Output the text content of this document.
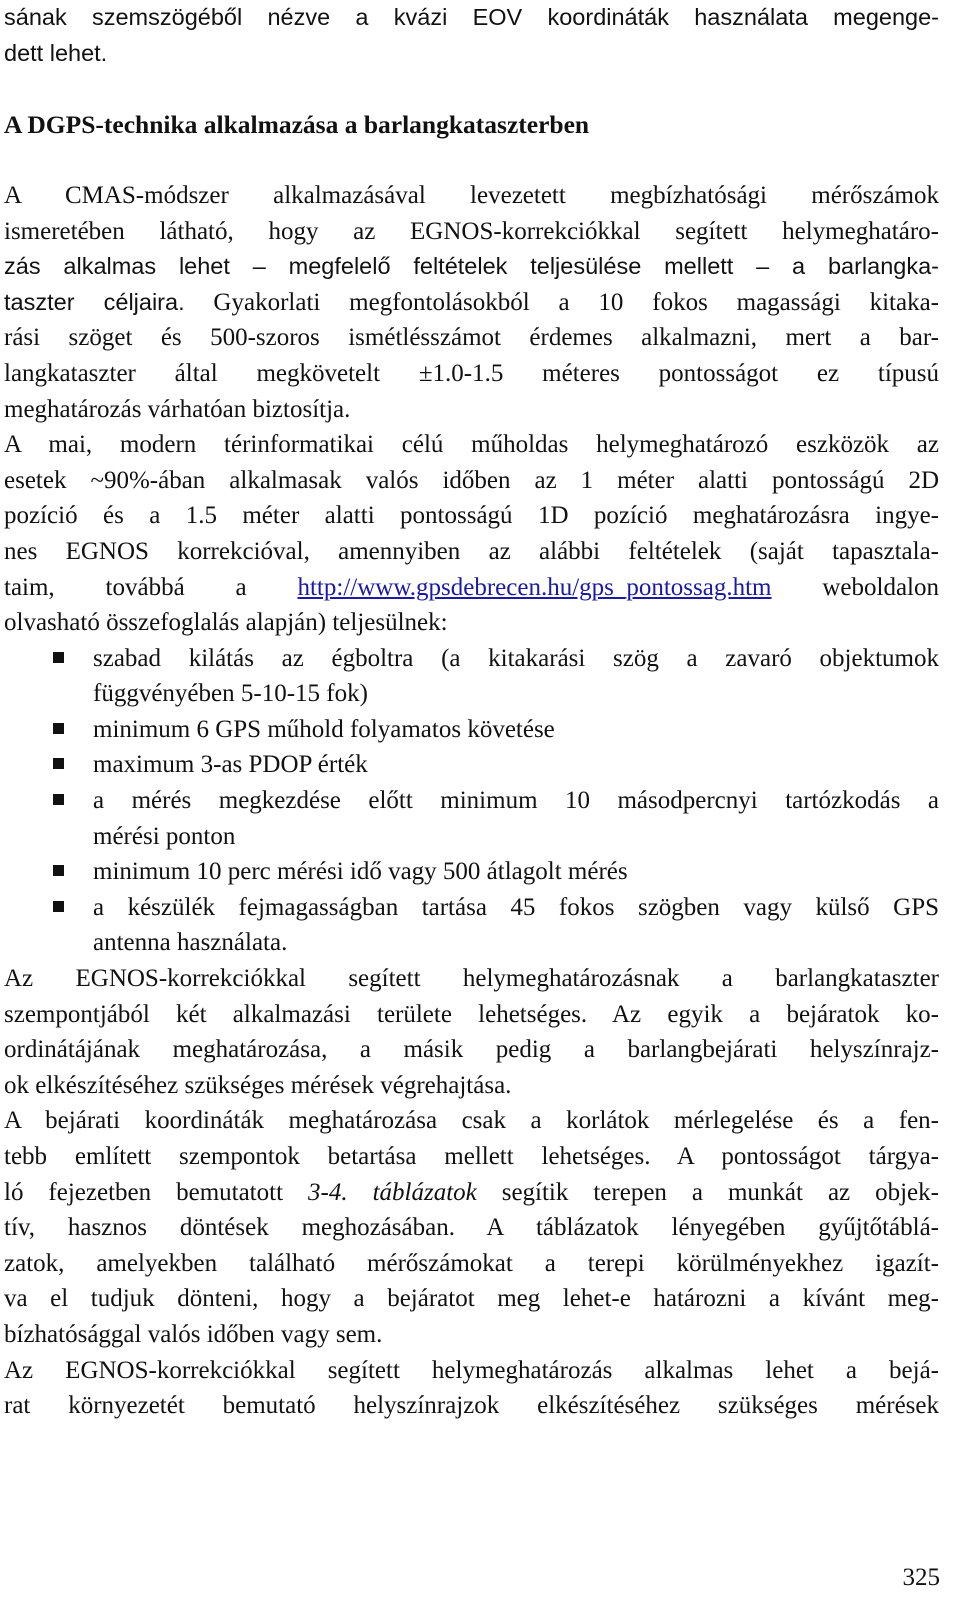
sának szemszögéből nézve a kvázi EOV koordináták használata megenge-
dett lehet.
A DGPS-technika alkalmazása a barlangkataszterben
A CMAS-módszer alkalmazásával levezetett megbízhatósági mérőszámok
ismeretében látható, hogy az EGNOS-korrekciókkal segített helymeghatáro-
zás alkalmas lehet – megfelelő feltételek teljesülése mellett – a barlangka-
taszter céljaira. Gyakorlati megfontolásokból a 10 fokos magassági kitaka-
rási szöget és 500-szoros ismétlésszámot érdemes alkalmazni, mert a bar-
langkataszter által megkövetelt ±1.0-1.5 méteres pontosságot ez típusú
meghatározás várhatóan biztosítja.
A mai, modern térinformatikai célú műholdas helymeghatározó eszközök az
esetek ~90%-ában alkalmasak valós időben az 1 méter alatti pontosságú 2D
pozíció és a 1.5 méter alatti pontosságú 1D pozíció meghatározásra ingye-
nes EGNOS korrekcióval, amennyiben az alábbi feltételek (saját tapasztala-
taim, továbbá a http://www.gpsdebrecen.hu/gps_pontossag.htm weboldalon
olvasható összefoglalás alapján) teljesülnek:
szabad kilátás az égboltra (a kitakarási szög a zavaró objektumok
függvényében 5-10-15 fok)
minimum 6 GPS műhold folyamatos követése
maximum 3-as PDOP érték
a mérés megkezdése előtt minimum 10 másodpercnyi tartózkodás a
mérési ponton
minimum 10 perc mérési idő vagy 500 átlagolt mérés
a készülék fejmagasságban tartása 45 fokos szögben vagy külső GPS
antenna használata.
Az EGNOS-korrekciókkal segített helymeghatározásnak a barlangkataszter
szempontjából két alkalmazási területe lehetséges. Az egyik a bejáratok ko-
ordinátájának meghatározása, a másik pedig a barlangbejárati helyszínrajz-
ok elkészítéséhez szükséges mérések végrehajtása.
A bejárati koordináták meghatározása csak a korlátok mérlegelése és a fen-
tebb említett szempontok betartása mellett lehetséges. A pontosságot tárgya-
ló fejezetben bemutatott 3-4. táblázatok segítik terepen a munkát az objek-
tív, hasznos döntések meghozásában. A táblázatok lényegében gyűjtőtáblá-
zatok, amelyekben található mérőszámokat a terepi körülményekhez igazít-
va el tudjuk dönteni, hogy a bejáratot meg lehet-e határozni a kívánt meg-
bízhatósággal valós időben vagy sem.
Az EGNOS-korrekciókkal segített helymeghatározás alkalmas lehet a bejá-
rat környezetét bemutató helyszínrajzok elkészítéséhez szükséges mérések
325
